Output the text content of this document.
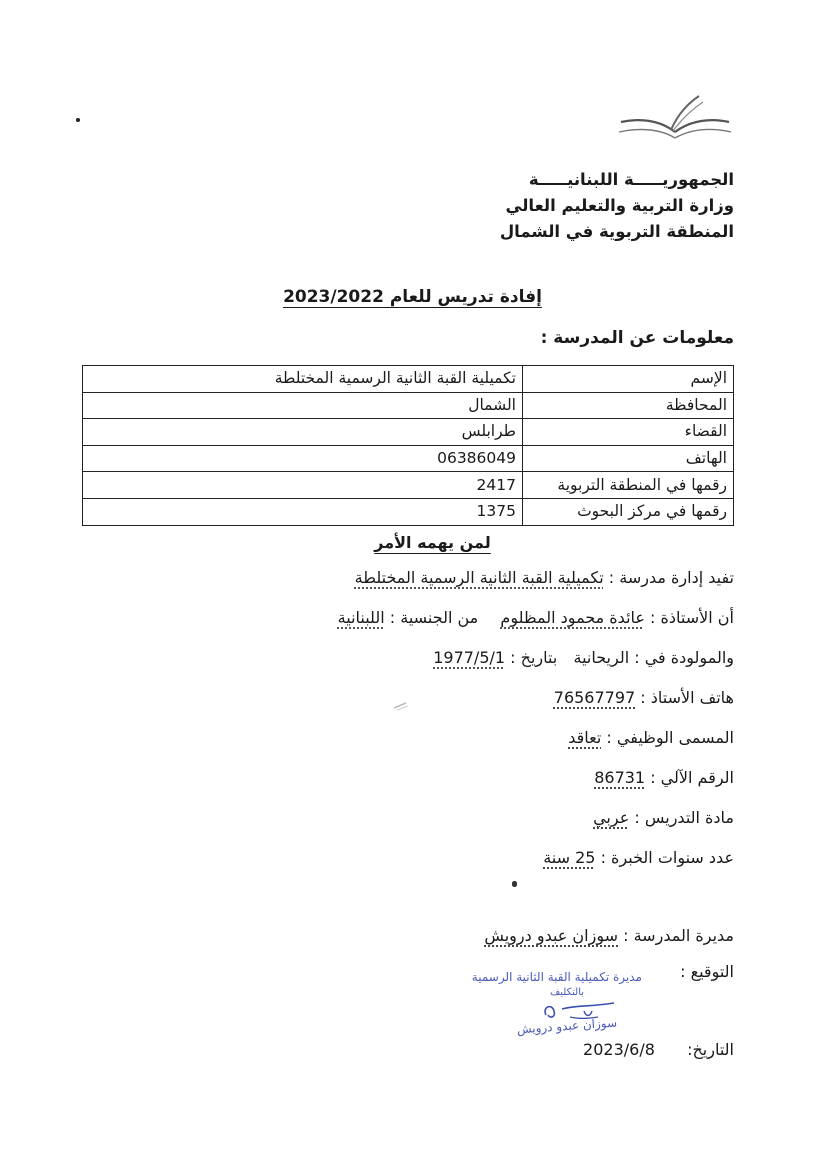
الجمهوريـــــة اللبنانيـــــة
وزارة التربية والتعليم العالي
المنطقة التربوية في الشمال
إفادة تدريس للعام 2023/2022
معلومات عن المدرسة :
الإسم	تكميلية القبة الثانية الرسمية المختلطة
المحافظة	الشمال
القضاء	طرابلس
الهاتف	06386049
رقمها في المنطقة التربوية	2417
رقمها في مركز البحوث	1375
لمن يهمه الأمر
تفيد إدارة مدرسة : تكميلية القبة الثانية الرسمية المختلطة
أن الأستاذة : عائدة محمود المظلوم  من الجنسية : اللبنانية
والمولودة في : الريحانية  بتاريخ : 1977/5/1
هاتف الأستاذ : 76567797
المسمى الوظيفي : تعاقد
الرقم الآلي : 86731
مادة التدريس : عربي
عدد سنوات الخبرة : 25 سنة
مديرة المدرسة : سوزان عبدو درويش
التوقيع :
مديرة تكميلية القبة الثانية الرسمية
بالتكليف
سوزان عبدو درويش
التاريخ:  2023/6/8
